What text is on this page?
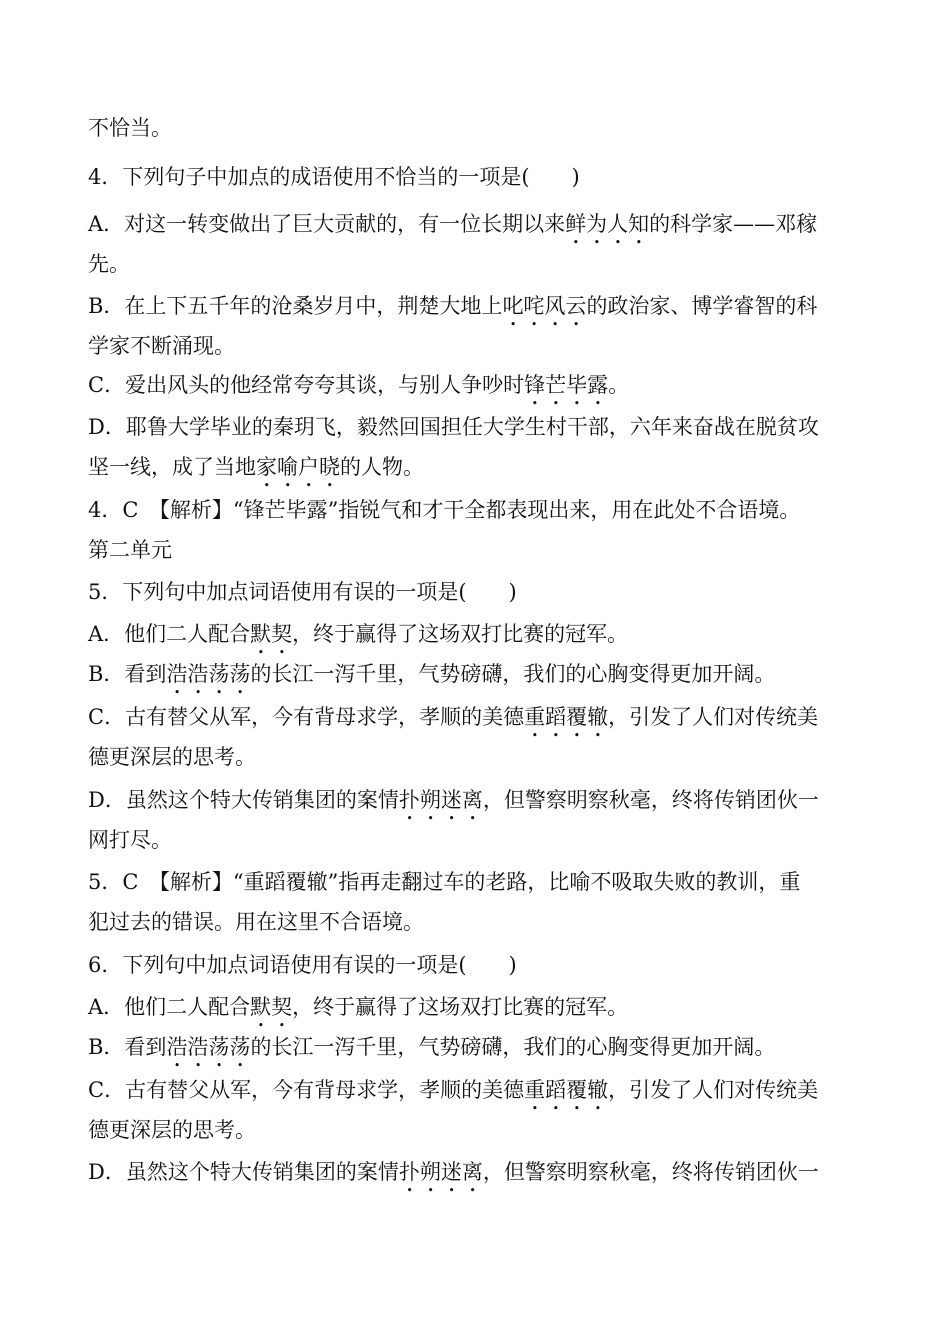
不恰当。
4．下列句子中加点的成语使用不恰当的一项是(　　)
A．对这一转变做出了巨大贡献的，有一位长期以来鲜为人知的科学家——邓稼
先。
B．在上下五千年的沧桑岁月中，荆楚大地上叱咤风云的政治家、博学睿智的科
学家不断涌现。
C．爱出风头的他经常夸夸其谈，与别人争吵时锋芒毕露。
D．耶鲁大学毕业的秦玥飞，毅然回国担任大学生村干部，六年来奋战在脱贫攻
坚一线，成了当地家喻户晓的人物。
4．C　【解析】“锋芒毕露”指锐气和才干全都表现出来，用在此处不合语境。
第二单元
5．下列句中加点词语使用有误的一项是(　　)
A．他们二人配合默契，终于赢得了这场双打比赛的冠军。
B．看到浩浩荡荡的长江一泻千里，气势磅礴，我们的心胸变得更加开阔。
C．古有替父从军，今有背母求学，孝顺的美德重蹈覆辙，引发了人们对传统美
德更深层的思考。
D．虽然这个特大传销集团的案情扑朔迷离，但警察明察秋毫，终将传销团伙一
网打尽。
5．C　【解析】“重蹈覆辙”指再走翻过车的老路，比喻不吸取失败的教训，重
犯过去的错误。用在这里不合语境。
6．下列句中加点词语使用有误的一项是(　　)
A．他们二人配合默契，终于赢得了这场双打比赛的冠军。
B．看到浩浩荡荡的长江一泻千里，气势磅礴，我们的心胸变得更加开阔。
C．古有替父从军，今有背母求学，孝顺的美德重蹈覆辙，引发了人们对传统美
德更深层的思考。
D．虽然这个特大传销集团的案情扑朔迷离，但警察明察秋毫，终将传销团伙一
